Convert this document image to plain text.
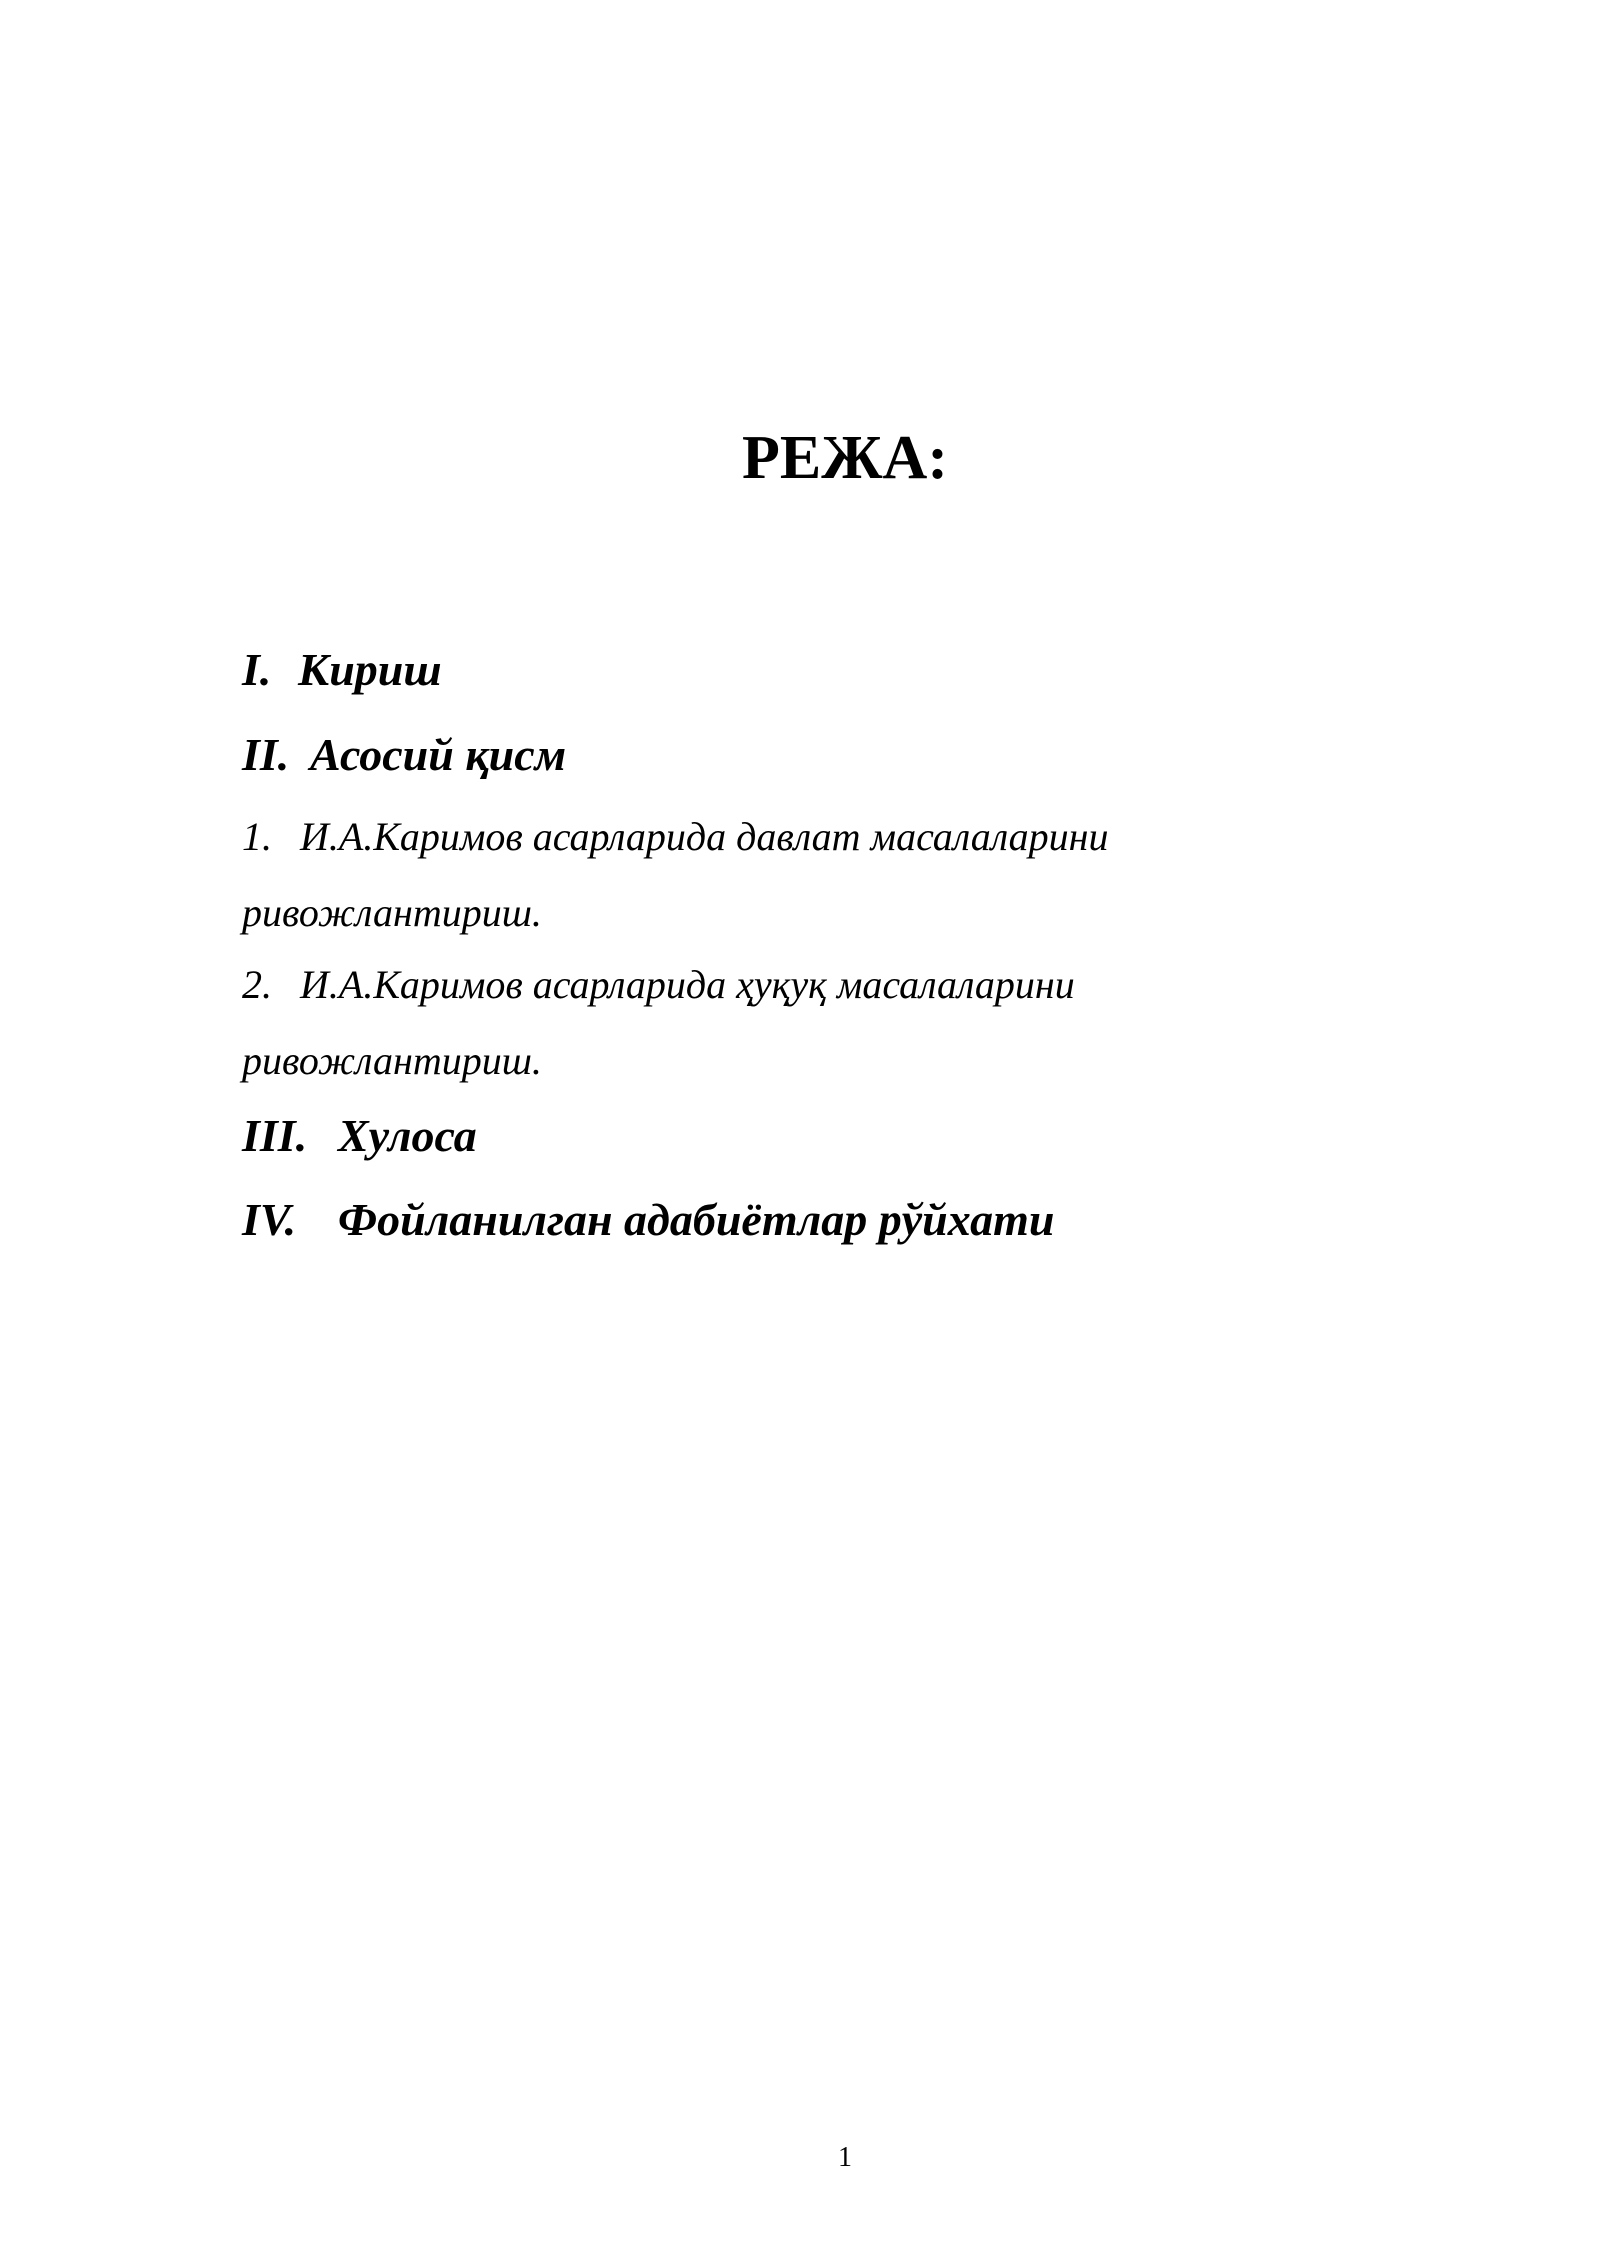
РЕЖА:
I. Кириш
II. Асосий қисм
1. И.А.Каримов асарларида давлат масалаларини
ривожлантириш.
2. И.А.Каримов асарларида ҳуқуқ масалаларини
ривожлантириш.
III. Хулоса
IV. Фойланилган адабиётлар рўйхати
1
